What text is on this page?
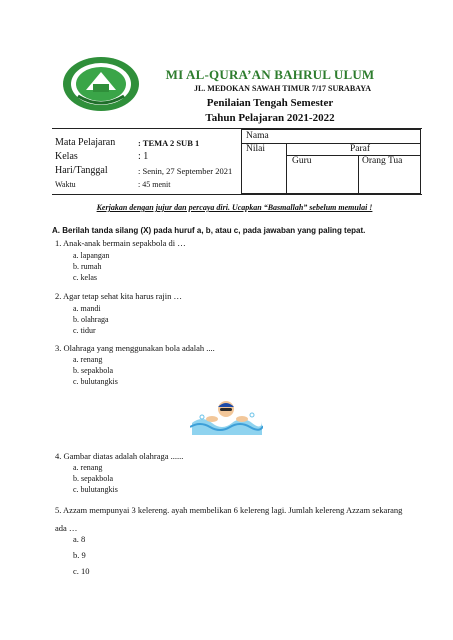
MI AL-QURA’AN BAHRUL ULUM
JL. MEDOKAN SAWAH TIMUR 7/17 SURABAYA
Penilaian Tengah Semester
Tahun Pelajaran 2021-2022
Mata Pelajaran	: TEMA 2 SUB 1
Kelas	: 1
Hari/Tanggal	: Senin, 27 September 2021
Waktu	: 45 menit
Nama
Nilai	Paraf
Guru	Orang Tua
Kerjakan dengan jujur dan percaya diri. Ucapkan “Basmallah” sebelum memulai !
A. Berilah tanda silang (X) pada huruf a, b, atau c, pada jawaban yang paling tepat.
1. Anak-anak bermain sepakbola di …
a. lapangan
b. rumah
c. kelas
2. Agar tetap sehat kita harus rajin …
a. mandi
b. olahraga
c. tidur
3. Olahraga yang menggunakan bola adalah ....
a. renang
b. sepakbola
c. bulutangkis
4. Gambar diatas adalah olahraga ......
a. renang
b. sepakbola
c. bulutangkis
5. Azzam mempunyai 3 kelereng. ayah membelikan 6 kelereng lagi. Jumlah kelereng Azzam sekarang ada …
a. 8
b. 9
c. 10
